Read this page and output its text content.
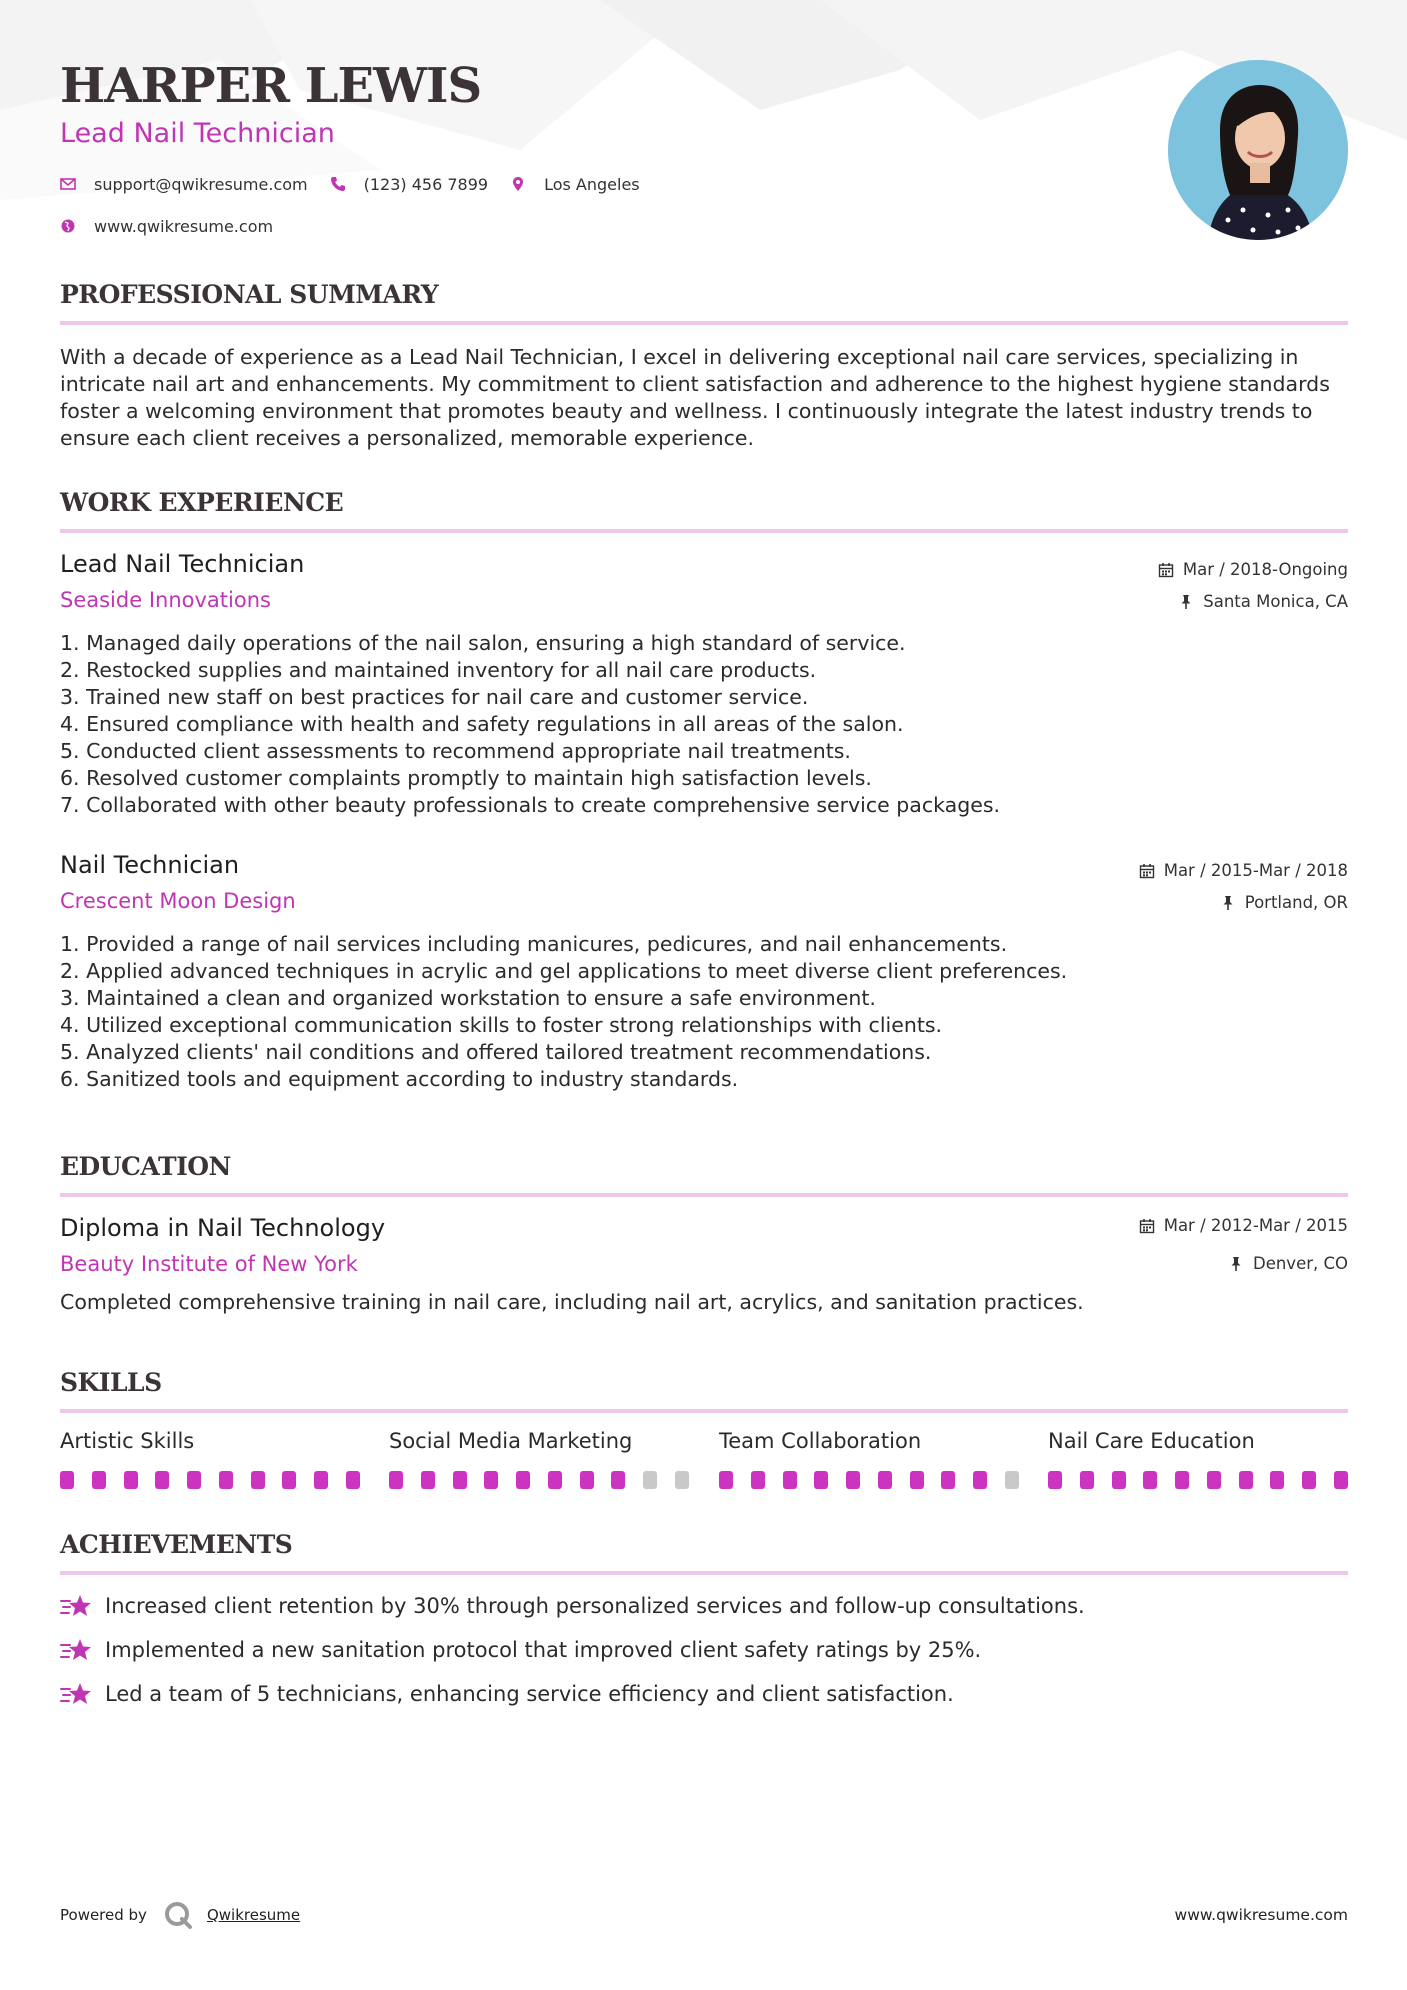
HARPER LEWIS
Lead Nail Technician
support@qwikresume.com	(123) 456 7899	Los Angeles
www.qwikresume.com
PROFESSIONAL SUMMARY
With a decade of experience as a Lead Nail Technician, I excel in delivering exceptional nail care services, specializing in intricate nail art and enhancements. My commitment to client satisfaction and adherence to the highest hygiene standards foster a welcoming environment that promotes beauty and wellness. I continuously integrate the latest industry trends to ensure each client receives a personalized, memorable experience.
WORK EXPERIENCE
Lead Nail Technician
Seaside Innovations
Mar / 2018-Ongoing
Santa Monica, CA
1. Managed daily operations of the nail salon, ensuring a high standard of service.
2. Restocked supplies and maintained inventory for all nail care products.
3. Trained new staff on best practices for nail care and customer service.
4. Ensured compliance with health and safety regulations in all areas of the salon.
5. Conducted client assessments to recommend appropriate nail treatments.
6. Resolved customer complaints promptly to maintain high satisfaction levels.
7. Collaborated with other beauty professionals to create comprehensive service packages.
Nail Technician
Crescent Moon Design
Mar / 2015-Mar / 2018
Portland, OR
1. Provided a range of nail services including manicures, pedicures, and nail enhancements.
2. Applied advanced techniques in acrylic and gel applications to meet diverse client preferences.
3. Maintained a clean and organized workstation to ensure a safe environment.
4. Utilized exceptional communication skills to foster strong relationships with clients.
5. Analyzed clients' nail conditions and offered tailored treatment recommendations.
6. Sanitized tools and equipment according to industry standards.
EDUCATION
Diploma in Nail Technology
Beauty Institute of New York
Mar / 2012-Mar / 2015
Denver, CO
Completed comprehensive training in nail care, including nail art, acrylics, and sanitation practices.
SKILLS
Artistic Skills	Social Media Marketing	Team Collaboration	Nail Care Education
ACHIEVEMENTS
Increased client retention by 30% through personalized services and follow-up consultations.
Implemented a new sanitation protocol that improved client safety ratings by 25%.
Led a team of 5 technicians, enhancing service efficiency and client satisfaction.
Powered by	Qwikresume	www.qwikresume.com
